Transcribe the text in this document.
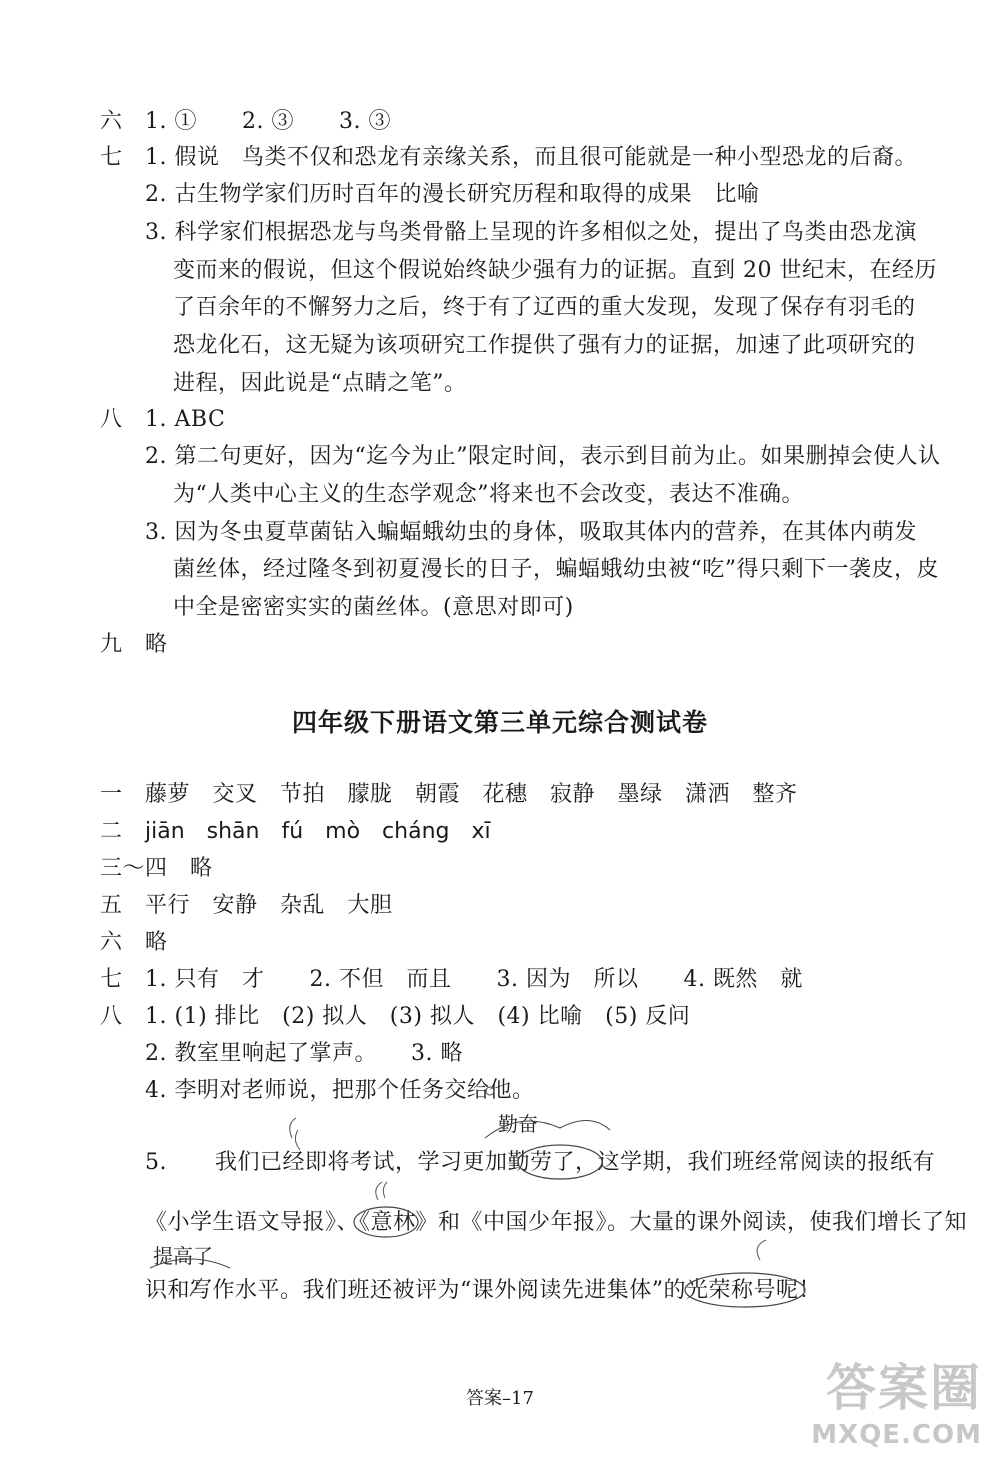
六　1. ①　　2. ③　　3. ③
七 1. 假说　鸟类不仅和恐龙有亲缘关系，而且很可能就是一种小型恐龙的后裔。
2. 古生物学家们历时百年的漫长研究历程和取得的成果　比喻
3. 科学家们根据恐龙与鸟类骨骼上呈现的许多相似之处，提出了鸟类由恐龙演
变而来的假说，但这个假说始终缺少强有力的证据。直到 20 世纪末，在经历
了百余年的不懈努力之后，终于有了辽西的重大发现，发现了保存有羽毛的
恐龙化石，这无疑为该项研究工作提供了强有力的证据，加速了此项研究的
进程，因此说是“点睛之笔”。
八 1. ABC
2. 第二句更好，因为“迄今为止”限定时间，表示到目前为止。如果删掉会使人认
为“人类中心主义的生态学观念”将来也不会改变，表达不准确。
3. 因为冬虫夏草菌钻入蝙蝠蛾幼虫的身体，吸取其体内的营养，在其体内萌发
菌丝体，经过隆冬到初夏漫长的日子，蝙蝠蛾幼虫被“吃”得只剩下一袭皮，皮
中全是密密实实的菌丝体。(意思对即可)
九　略
四年级下册语文第三单元综合测试卷
一　藤萝　交叉　节拍　朦胧　朝霞　花穗　寂静　墨绿　潇洒　整齐
二 jiān　shān　fú　mò　cháng　xī
三～四　略
五　平行　安静　杂乱　大胆
六　略
七　1. 只有　才　　2. 不但　而且　　3. 因为　所以　　4. 既然　就
八 1. (1) 排比　(2) 拟人　(3) 拟人　(4) 比喻　(5) 反问
2. 教室里响起了掌声。　　3. 略
4. 李明对老师说，把那个任务交给他。
勤奋
提高了
5. 我们已经即将考试，学习更加勤劳了，这学期，我们班经常阅读的报纸有
《小学生语文导报》、《意林》和《中国少年报》。大量的课外阅读，使我们增长了知
识和写作水平。我们班还被评为“课外阅读先进集体”的光荣称号呢！
答案–17	答案圈
MXQE.COM
